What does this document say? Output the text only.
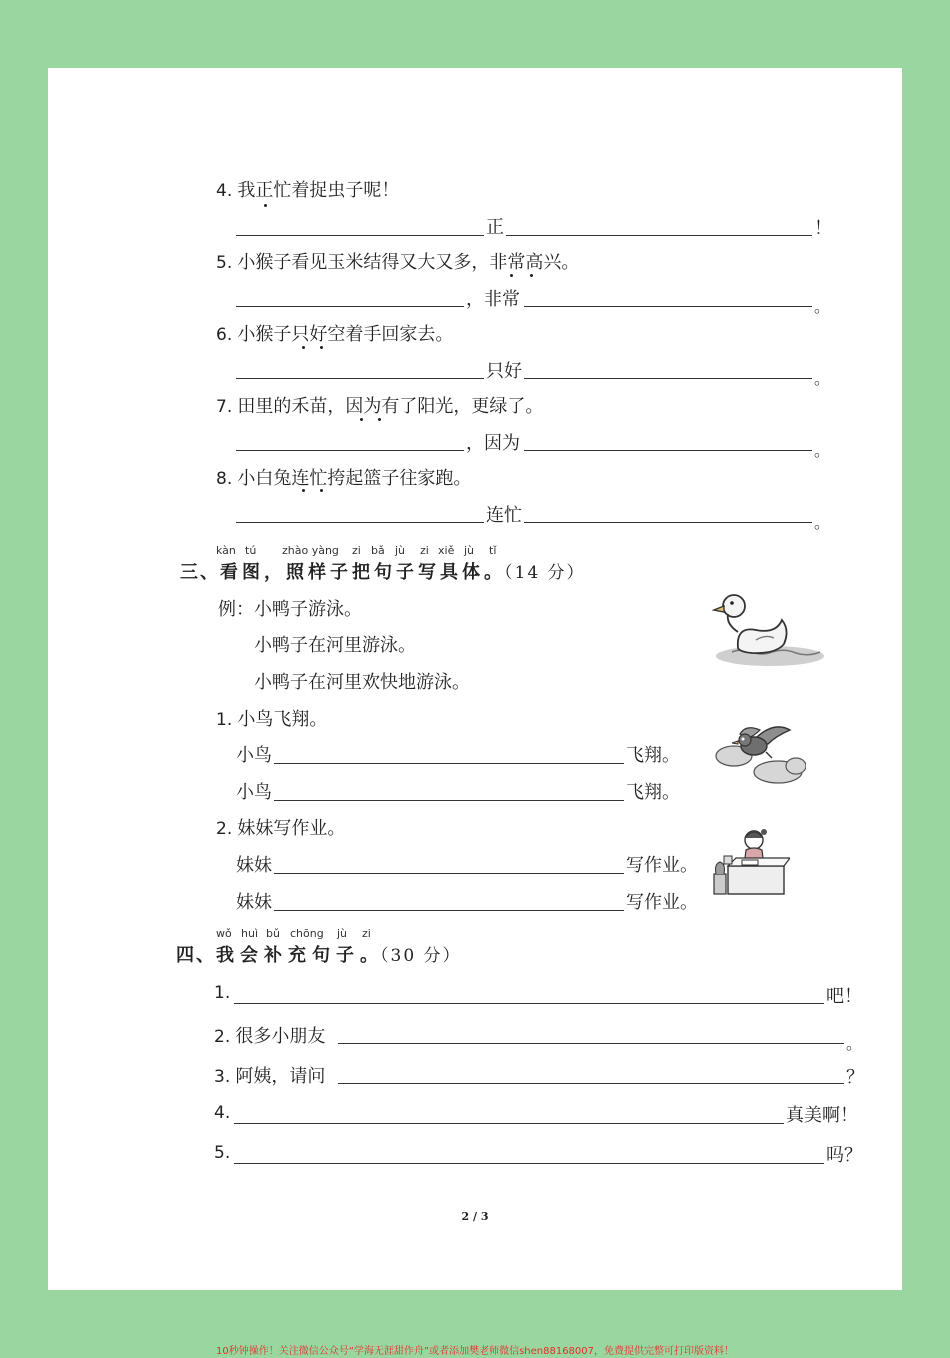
4. 我正忙着捉虫子呢！
正	！
5. 小猴子看见玉米结得又大又多，非常高兴。
，非常	。
6. 小猴子只好空着手回家去。
只好	。
7. 田里的禾苗，因为有了阳光，更绿了。
，因为	。
8. 小白兔连忙挎起篮子往家跑。
连忙	。
kàn tú zhào yàng zi bǎ jù zi xiě jù tǐ
三、看图，照样子把句子写具体。（14 分）
例：小鸭子游泳。
小鸭子在河里游泳。
小鸭子在河里欢快地游泳。
1. 小鸟飞翔。
小鸟	飞翔。
小鸟	飞翔。
2. 妹妹写作业。
妹妹	写作业。
妹妹	写作业。
wǒ huì bǔ chōng jù zi
四、我会补充句子。（30 分）
1.	吧！
2. 很多小朋友	。
3. 阿姨，请问	？
4.	真美啊！
5.	吗？
2 / 3
10秒钟操作！关注微信公众号“学海无涯甜作舟”或者添加樊老师微信shen88168007，免费提供完整可打印版资料！
